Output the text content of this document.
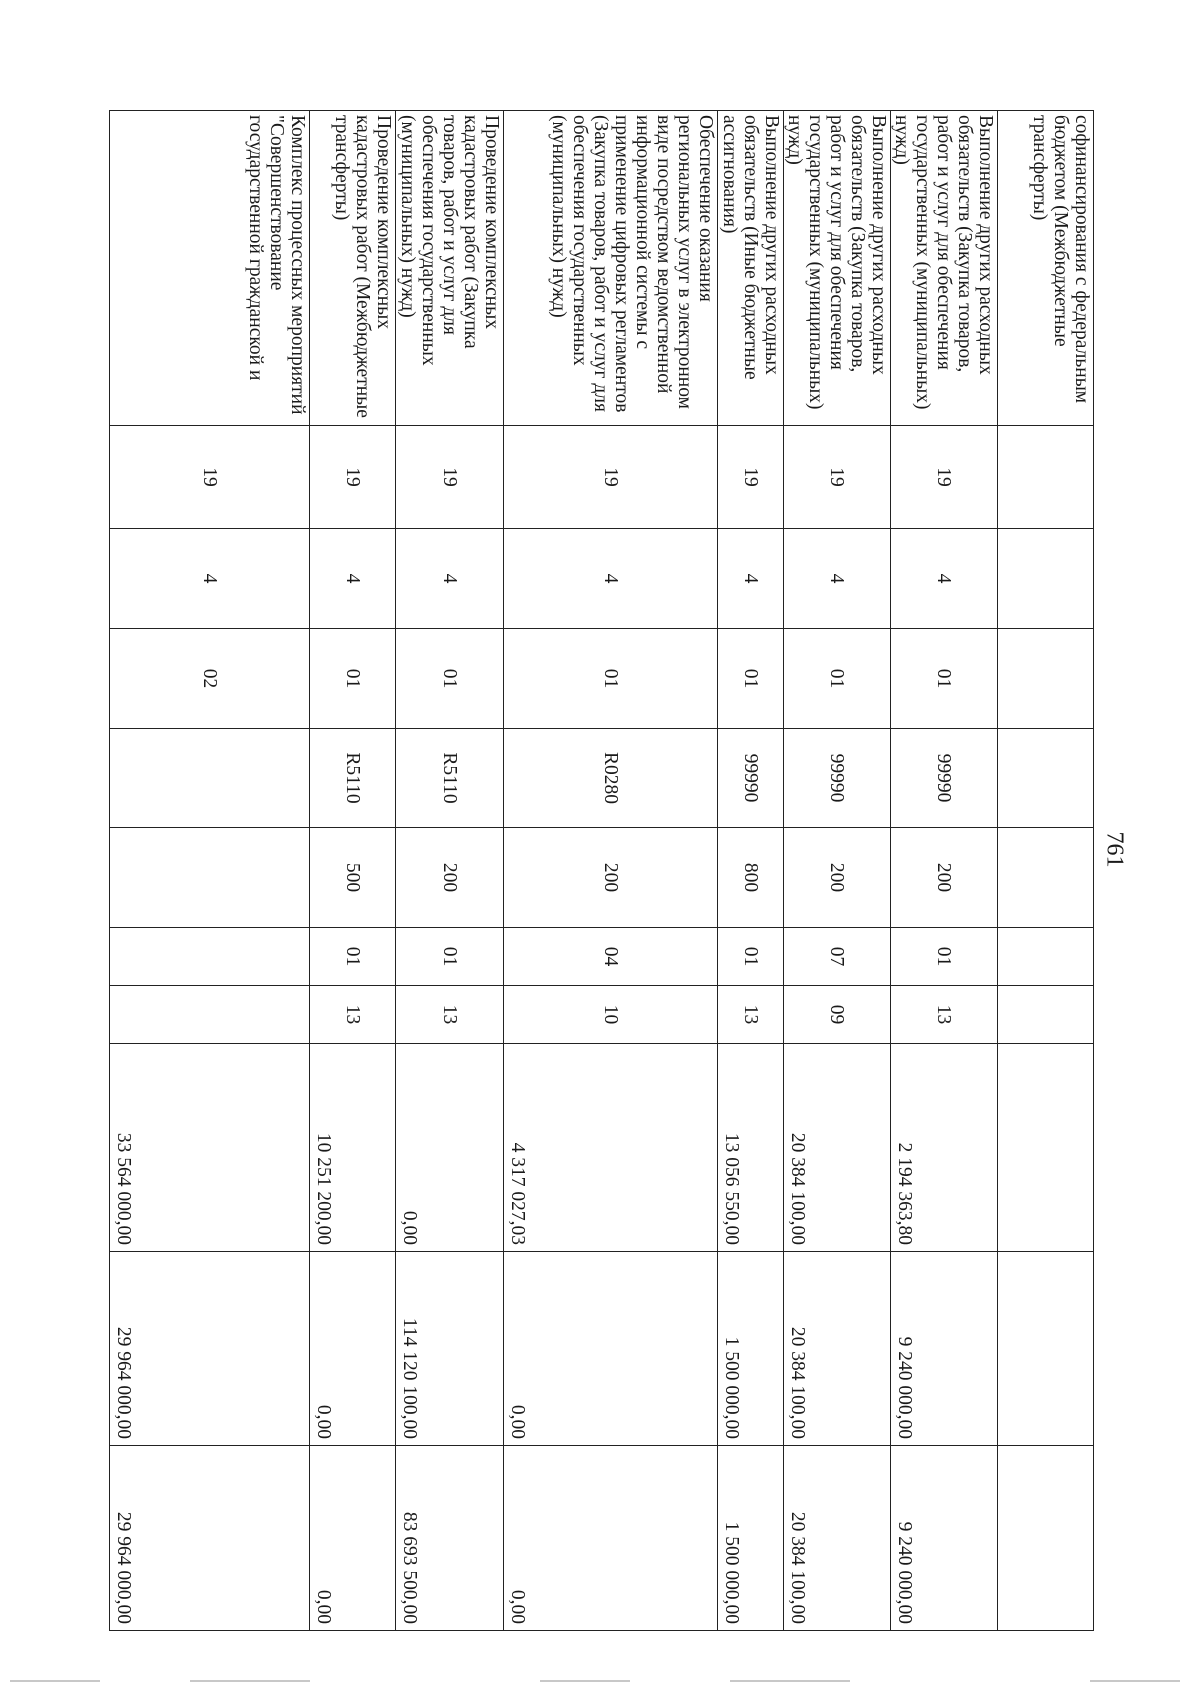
761
софинансирования с федеральным бюджетом (Межбюджетные трансферты)										
Выполнение других расходных обязательств (Закупка товаров, работ и услуг для обеспечения государственных (муниципальных) нужд)	19	4	01	99990	200	01	13	2 194 363,80	9 240 000,00	9 240 000,00
Выполнение других расходных обязательств (Закупка товаров, работ и услуг для обеспечения государственных (муниципальных) нужд)	19	4	01	99990	200	07	09	20 384 100,00	20 384 100,00	20 384 100,00
Выполнение других расходных обязательств (Иные бюджетные ассигнования)	19	4	01	99990	800	01	13	13 056 550,00	1 500 000,00	1 500 000,00
Обеспечение оказания региональных услуг в электронном виде посредством ведомственной информационной системы с применение цифровых регламентов (Закупка товаров, работ и услуг для обеспечения государственных (муниципальных) нужд)	19	4	01	R0280	200	04	10	4 317 027,03	0,00	0,00
Проведение комплексных кадастровых работ (Закупка товаров, работ и услуг для обеспечения государственных (муниципальных) нужд)	19	4	01	R5110	200	01	13	0,00	114 120 100,00	83 693 500,00
Проведение комплексных кадастровых работ (Межбюджетные трансферты)	19	4	01	R5110	500	01	13	10 251 200,00	0,00	0,00
Комплекс процессных мероприятий "Совершенствование государственной гражданской и	19	4	02					33 564 000,00	29 964 000,00	29 964 000,00
